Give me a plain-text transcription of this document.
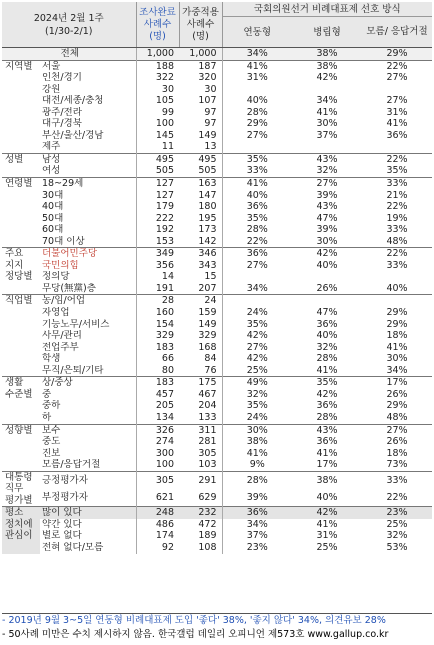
2024년 2월 1주
(1/30-2/1)		조사완료 사례수 (명)	가중적용 사례수 (명)	국회의원선거 비례대표제 선호 방식		
				연동형	병립형	모름/ 응답거절
전체		1,000	1,000	34%	38%	29%
지역별	서울	188	187	41%	38%	22%
	인천/경기	322	320	31%	42%	27%
	강원	30	30			
	대전/세종/충청	105	107	40%	34%	27%
	광주/전라	99	97	28%	41%	31%
	대구/경북	100	97	29%	30%	41%
	부산/울산/경남	145	149	27%	37%	36%
	제주	11	13			
성별	남성	495	495	35%	43%	22%
	여성	505	505	33%	32%	35%
연령별	18~29세	127	163	41%	27%	33%
	30대	127	147	40%	39%	21%
	40대	179	180	36%	43%	22%
	50대	222	195	35%	47%	19%
	60대	192	173	28%	39%	33%
	70대 이상	153	142	22%	30%	48%
주요
지지
정당별	더불어민주당	349	346	36%	42%	22%
	국민의힘	356	343	27%	40%	33%
	정의당	14	15			
	무당(無黨)층	191	207	34%	26%	40%
직업별	농/임/어업	28	24			
	자영업	160	159	24%	47%	29%
	기능노무/서비스	154	149	35%	36%	29%
	사무/관리	329	329	42%	40%	18%
	전업주부	183	168	27%	32%	41%
	학생	66	84	42%	28%	30%
	무직/은퇴/기타	80	76	25%	41%	34%
생활
수준별	상/중상	183	175	49%	35%	17%
	중	457	467	32%	42%	26%
	중하	205	204	35%	36%	29%
	하	134	133	24%	28%	48%
성향별	보수	326	311	30%	43%	27%
	중도	274	281	38%	36%	26%
	진보	300	305	41%	41%	18%
	모름/응답거절	100	103	9%	17%	73%
대통령
직무
평가별	긍정평가자	305	291	28%	38%	33%
	부정평가자	621	629	39%	40%	22%
평소
정치에
관심이	많이 있다	248	232	36%	42%	23%
	약간 있다	486	472	34%	41%	25%
	별로 없다	174	189	37%	31%	32%
	전혀 없다/모름	92	108	23%	25%	53%
- 2019년 9월 3~5일 연동형 비례대표제 도입 '좋다' 38%, '좋지 않다' 34%, 의견유보 28%
- 50사례 미만은 수치 제시하지 않음. 한국갤럽 데일리 오피니언 제573호 www.gallup.co.kr
